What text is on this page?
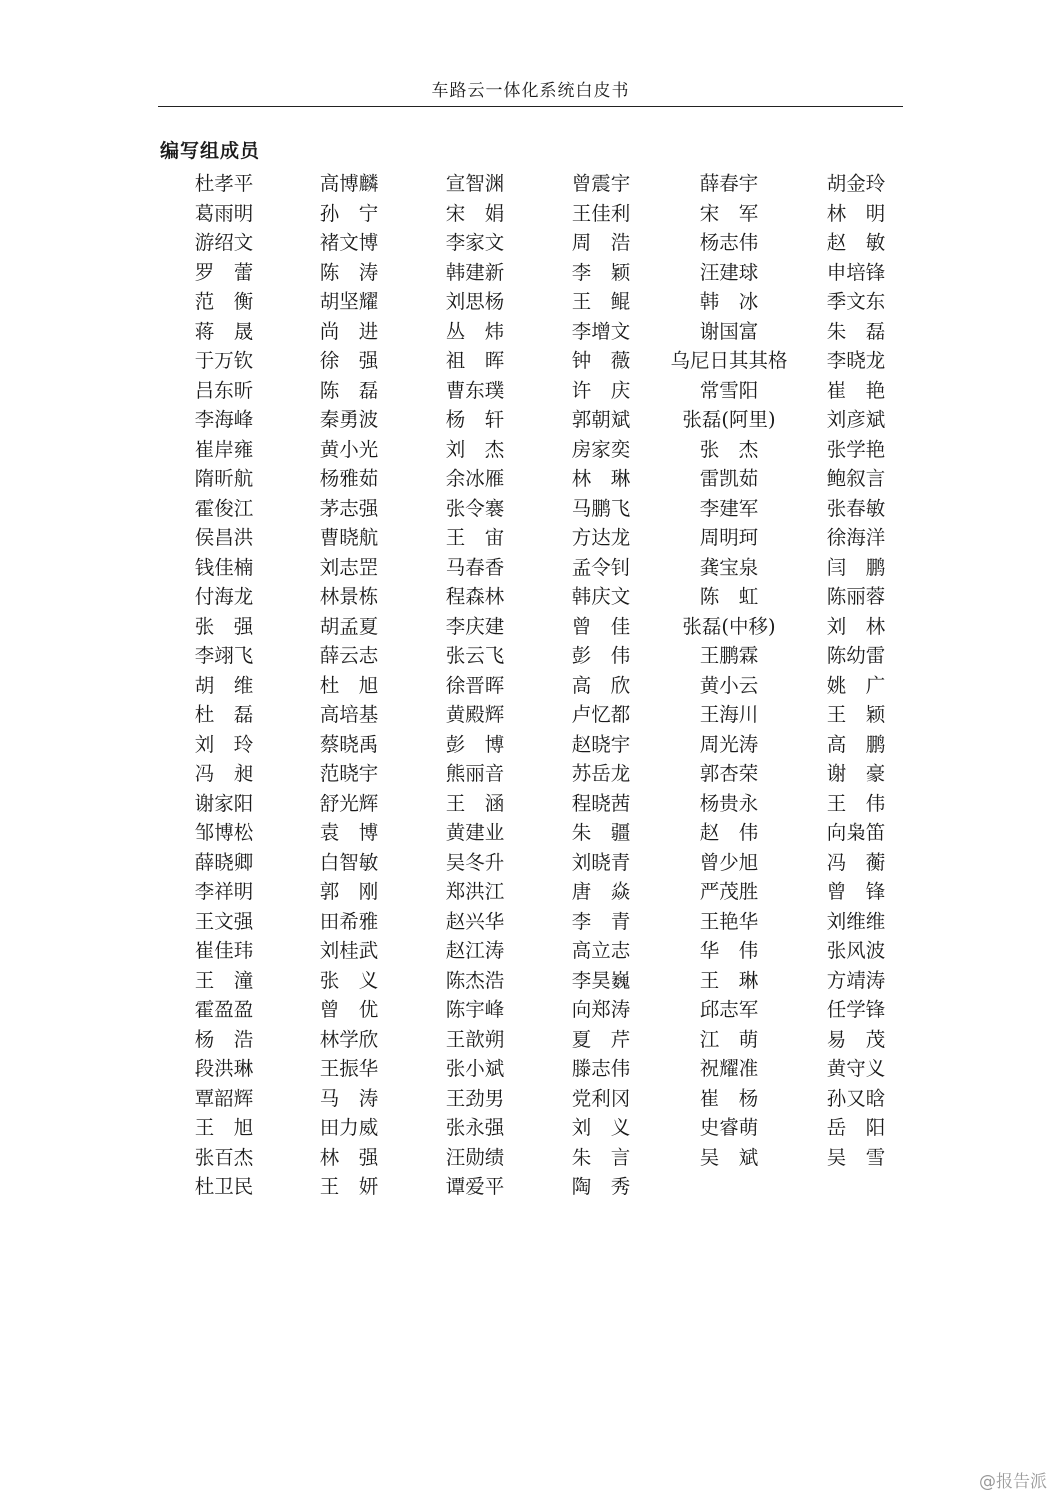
车路云一体化系统白皮书
编写组成员
杜孝平	高博麟	宣智渊	曾震宇	薛春宇	胡金玲
葛雨明	孙　宁	宋　娟	王佳利	宋　军	林　明
游绍文	褚文博	李家文	周　浩	杨志伟	赵　敏
罗　蕾	陈　涛	韩建新	李　颖	汪建球	申培锋
范　衡	胡坚耀	刘思杨	王　鲲	韩　冰	季文东
蒋　晟	尚　进	丛　炜	李增文	谢国富	朱　磊
于万钦	徐　强	祖　晖	钟　薇	乌尼日其其格	李晓龙
吕东昕	陈　磊	曹东璞	许　庆	常雪阳	崔　艳
李海峰	秦勇波	杨　轩	郭朝斌	张磊(阿里)	刘彦斌
崔岸雍	黄小光	刘　杰	房家奕	张　杰	张学艳
隋昕航	杨雅茹	余冰雁	林　琳	雷凯茹	鲍叙言
霍俊江	茅志强	张令褰	马鹏飞	李建军	张春敏
侯昌洪	曹晓航	王　宙	方达龙	周明珂	徐海洋
钱佳楠	刘志罡	马春香	孟令钊	龚宝泉	闫　鹏
付海龙	林景栋	程森林	韩庆文	陈　虹	陈丽蓉
张　强	胡孟夏	李庆建	曾　佳	张磊(中移)	刘　林
李翊飞	薛云志	张云飞	彭　伟	王鹏霖	陈幼雷
胡　维	杜　旭	徐晋晖	高　欣	黄小云	姚　广
杜　磊	高培基	黄殿辉	卢忆都	王海川	王　颖
刘　玲	蔡晓禹	彭　博	赵晓宇	周光涛	高　鹏
冯　昶	范晓宇	熊丽音	苏岳龙	郭杏荣	谢　豪
谢家阳	舒光辉	王　涵	程晓茜	杨贵永	王　伟
邹博松	袁　博	黄建业	朱　疆	赵　伟	向枭笛
薛晓卿	白智敏	吴冬升	刘晓青	曾少旭	冯　蘅
李祥明	郭　刚	郑洪江	唐　焱	严茂胜	曾　锋
王文强	田希雅	赵兴华	李　青	王艳华	刘维维
崔佳玮	刘桂武	赵江涛	高立志	华　伟	张风波
王　潼	张　义	陈杰浩	李昊巍	王　琳	方靖涛
霍盈盈	曾　优	陈宇峰	向郑涛	邱志军	任学锋
杨　浩	林学欣	王歆朔	夏　芹	江　萌	易　茂
段洪琳	王振华	张小斌	滕志伟	祝耀准	黄守义
覃韶辉	马　涛	王劲男	党利冈	崔　杨	孙又晗
王　旭	田力威	张永强	刘　义	史睿萌	岳　阳
张百杰	林　强	汪勋绩	朱　言	吴　斌	吴　雪
杜卫民	王　妍	谭爱平	陶　秀
@报告派
